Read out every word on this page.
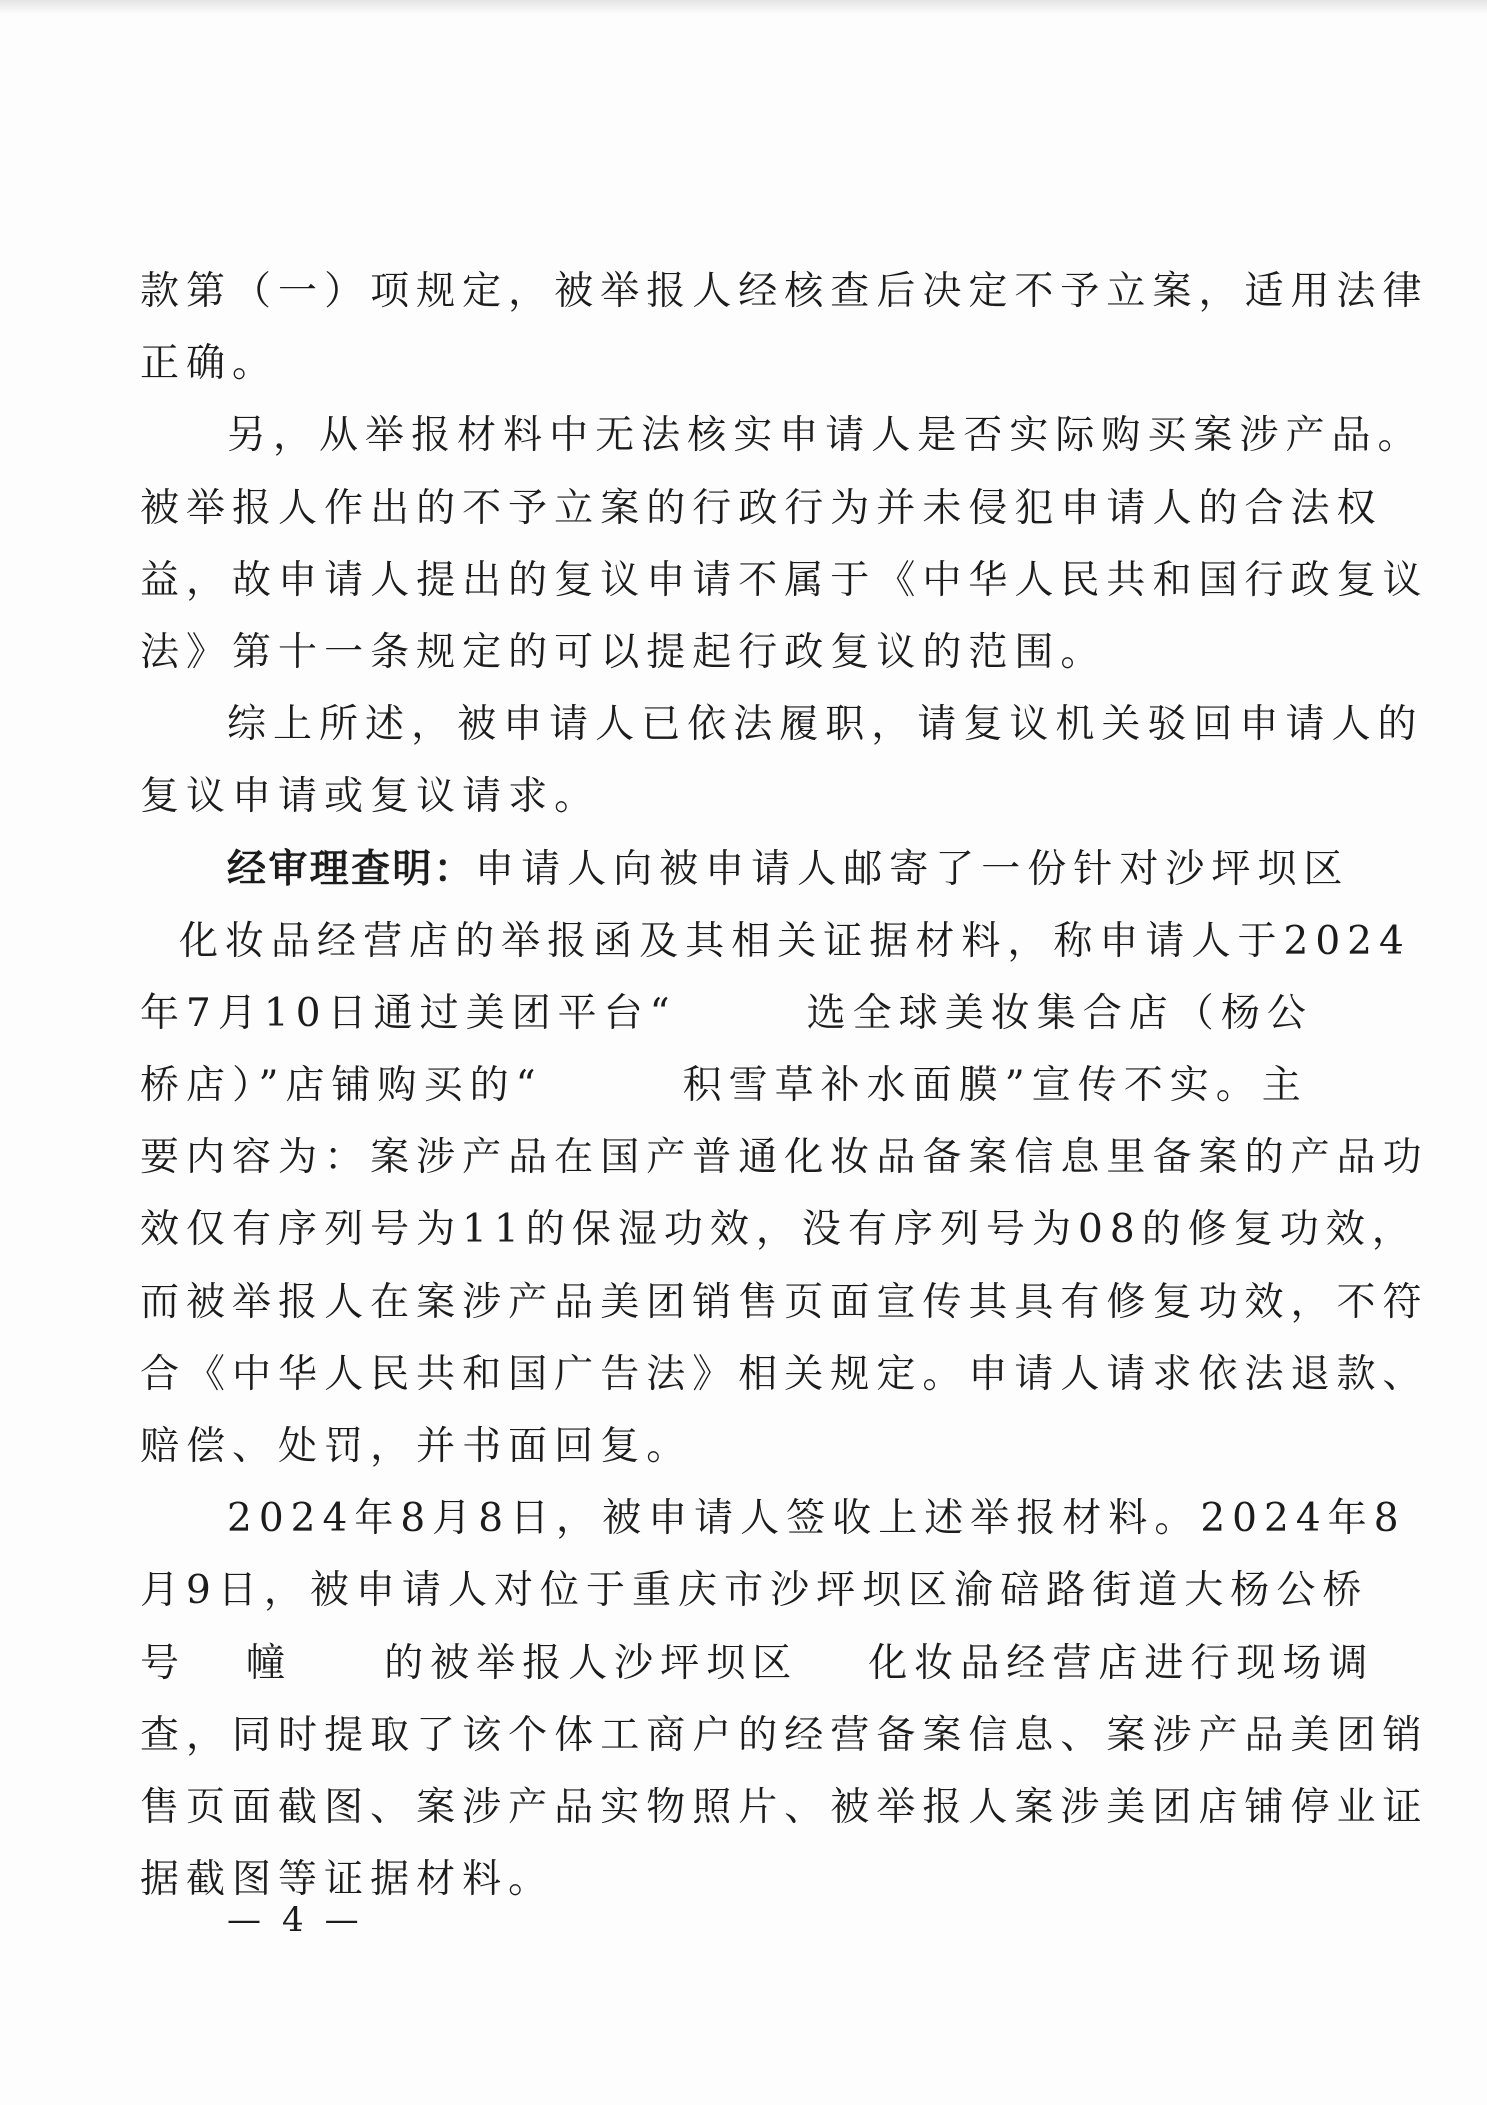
款第（一）项规定，被举报人经核查后决定不予立案，适用法律
正确。
另，从举报材料中无法核实申请人是否实际购买案涉产品。
被举报人作出的不予立案的行政行为并未侵犯申请人的合法权
益，故申请人提出的复议申请不属于《中华人民共和国行政复议
法》第十一条规定的可以提起行政复议的范围。
综上所述，被申请人已依法履职，请复议机关驳回申请人的
复议申请或复议请求。
经审理查明：申请人向被申请人邮寄了一份针对沙坪坝区
化妆品经营店的举报函及其相关证据材料，称申请人于2024
年7月10日通过美团平台“	选全球美妆集合店（杨公
桥店）”店铺购买的“	积雪草补水面膜”宣传不实。主
要内容为：案涉产品在国产普通化妆品备案信息里备案的产品功
效仅有序列号为11的保湿功效，没有序列号为08的修复功效，
而被举报人在案涉产品美团销售页面宣传其具有修复功效，不符
合《中华人民共和国广告法》相关规定。申请人请求依法退款、
赔偿、处罚，并书面回复。
2024年8月8日，被申请人签收上述举报材料。2024年8
月9日，被申请人对位于重庆市沙坪坝区渝碚路街道大杨公桥
号 幢 的被举报人沙坪坝区 化妆品经营店进行现场调
查，同时提取了该个体工商户的经营备案信息、案涉产品美团销
售页面截图、案涉产品实物照片、被举报人案涉美团店铺停业证
据截图等证据材料。
— 4 —
